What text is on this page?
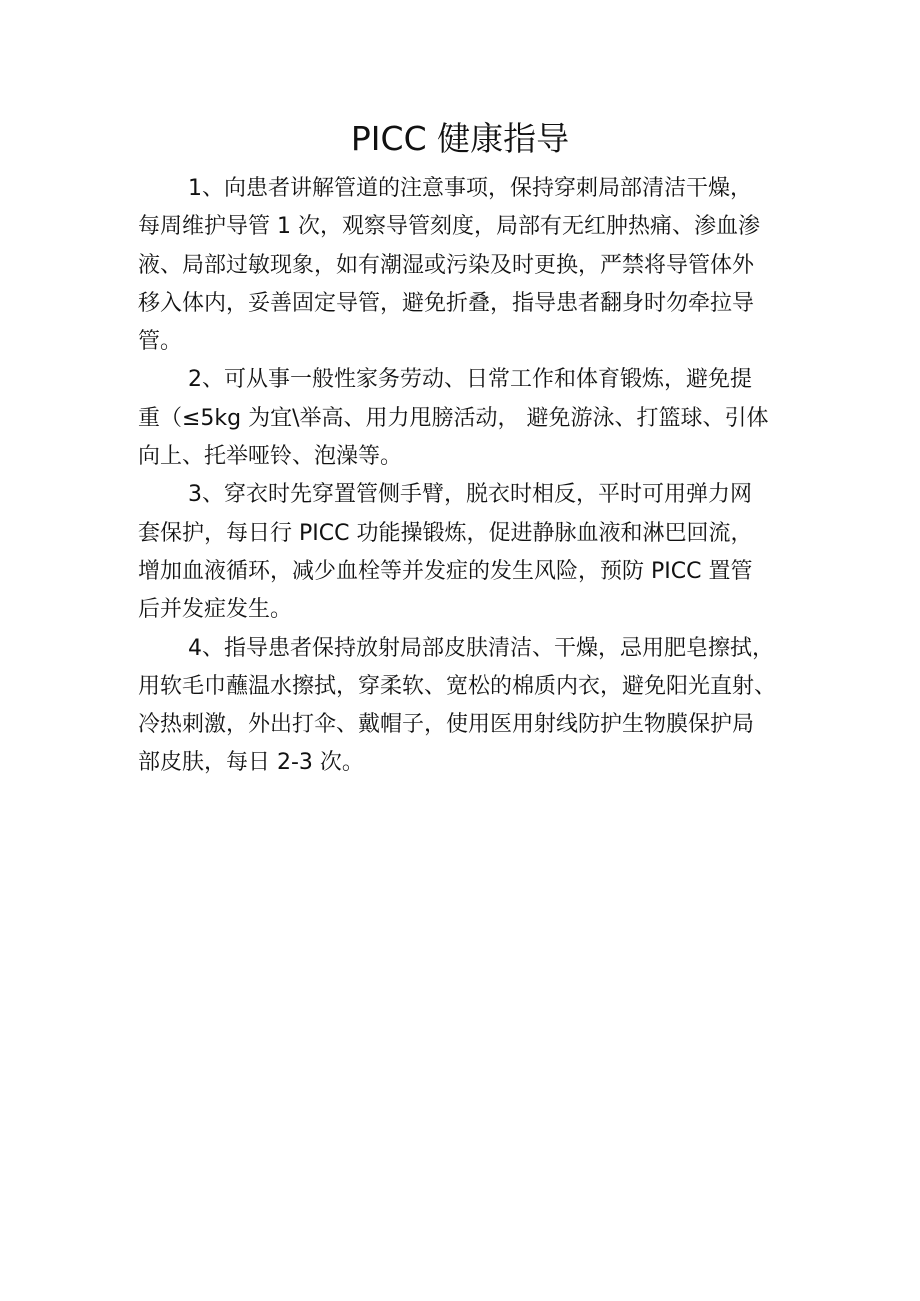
PICC 健康指导
1、向患者讲解管道的注意事项，保持穿刺局部清洁干燥，
每周维护导管 1 次，观察导管刻度，局部有无红肿热痛、渗血渗
液、局部过敏现象，如有潮湿或污染及时更换，严禁将导管体外
移入体内，妥善固定导管，避免折叠，指导患者翻身时勿牵拉导
管。
2、可从事一般性家务劳动、日常工作和体育锻炼，避免提
重（≤5kg 为宜\举高、用力甩膀活动， 避免游泳、打篮球、引体
向上、托举哑铃、泡澡等。
3、穿衣时先穿置管侧手臂，脱衣时相反，平时可用弹力网
套保护，每日行 PICC 功能操锻炼，促进静脉血液和淋巴回流，
增加血液循环，减少血栓等并发症的发生风险，预防 PICC 置管
后并发症发生。
4、指导患者保持放射局部皮肤清洁、干燥，忌用肥皂擦拭，
用软毛巾蘸温水擦拭，穿柔软、宽松的棉质内衣，避免阳光直射、
冷热刺激，外出打伞、戴帽子，使用医用射线防护生物膜保护局
部皮肤，每日 2-3 次。
